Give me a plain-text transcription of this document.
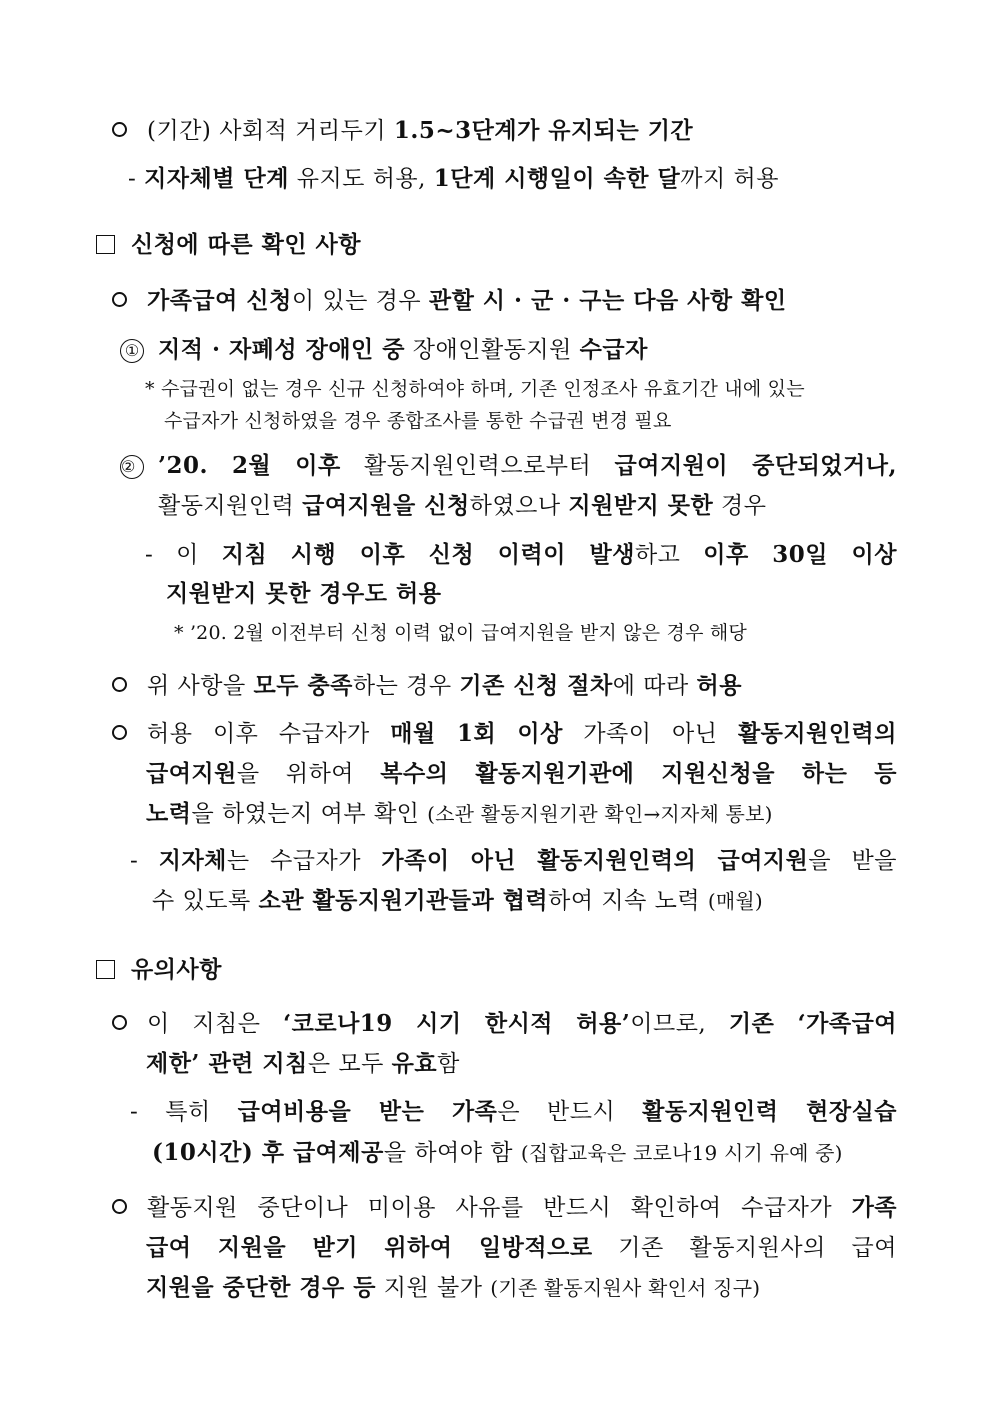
(기간) 사회적 거리두기 1.5~3단계가 유지되는 기간
- 지자체별 단계 유지도 허용, 1단계 시행일이 속한 달까지 허용
신청에 따른 확인 사항
가족급여 신청이 있는 경우 관할 시 · 군 · 구는 다음 사항 확인
① 지적 · 자폐성 장애인 중 장애인활동지원 수급자
* 수급권이 없는 경우 신규 신청하여야 하며, 기존 인정조사 유효기간 내에 있는
수급자가 신청하였을 경우 종합조사를 통한 수급권 변경 필요
② ’20. 2월 이후 활동지원인력으로부터 급여지원이 중단되었거나,
활동지원인력 급여지원을 신청하였으나 지원받지 못한 경우
- 이 지침 시행 이후 신청 이력이 발생하고 이후 30일 이상
지원받지 못한 경우도 허용
* ’20. 2월 이전부터 신청 이력 없이 급여지원을 받지 않은 경우 해당
위 사항을 모두 충족하는 경우 기존 신청 절차에 따라 허용
허용 이후 수급자가 매월 1회 이상 가족이 아닌 활동지원인력의
급여지원을 위하여 복수의 활동지원기관에 지원신청을 하는 등
노력을 하였는지 여부 확인 (소관 활동지원기관 확인→지자체 통보)
- 지자체는 수급자가 가족이 아닌 활동지원인력의 급여지원을 받을
수 있도록 소관 활동지원기관들과 협력하여 지속 노력 (매월)
유의사항
이 지침은 ‘코로나19 시기 한시적 허용’이므로, 기존 ‘가족급여
제한’ 관련 지침은 모두 유효함
- 특히 급여비용을 받는 가족은 반드시 활동지원인력 현장실습
(10시간) 후 급여제공을 하여야 함 (집합교육은 코로나19 시기 유예 중)
활동지원 중단이나 미이용 사유를 반드시 확인하여 수급자가 가족
급여 지원을 받기 위하여 일방적으로 기존 활동지원사의 급여
지원을 중단한 경우 등 지원 불가 (기존 활동지원사 확인서 징구)
